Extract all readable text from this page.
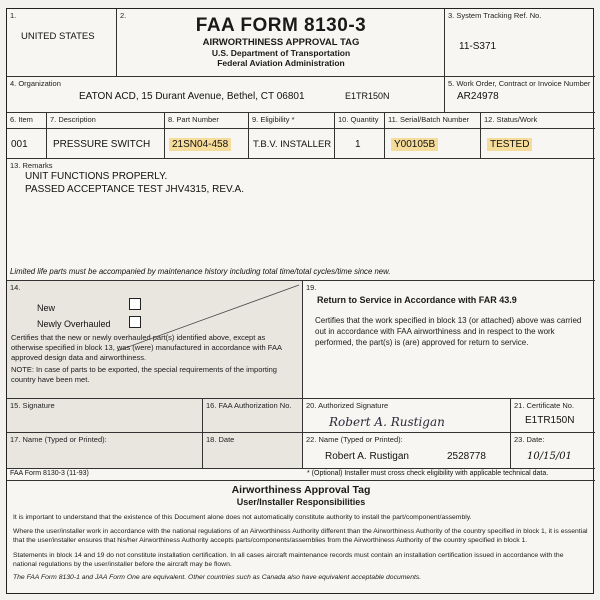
1.
UNITED STATES
2.	FAA FORM 8130-3
AIRWORTHINESS APPROVAL TAG
U.S. Department of Transportation
Federal Aviation Administration
3. System Tracking Ref. No.
11-S371
4. Organization
EATON ACD, 15 Durant Avenue, Bethel, CT 06801	E1TR150N
5. Work Order, Contract or Invoice Number
AR24978
6. Item 7. Description	8. Part Number	9. Eligibility *	10. Quantity 11. Serial/Batch Number 12. Status/Work
001	PRESSURE SWITCH	21SN04-458	T.B.V. INSTALLER 1	Y00105B	TESTED
13. Remarks
UNIT FUNCTIONS PROPERLY.
PASSED ACCEPTANCE TEST JHV4315, REV.A.
Limited life parts must be accompanied by maintenance history including total time/total cycles/time since new.
14.
New
Newly Overhauled
Certifies that the new or newly overhauled part(s) identified above, except as otherwise specified in block 13, was (were) manufactured in accordance with FAA approved design data and airworthiness.
NOTE: In case of parts to be exported, the special requirements of the importing country have been met.
19.
Return to Service in Accordance with FAR 43.9
Certifies that the work specified in block 13 (or attached) above was carried out in accordance with FAA airworthiness and in respect to the work performed, the part(s) is (are) approved for return to service.
15. Signature	16. FAA Authorization No. 20. Authorized Signature
Robert A. Rustigan
21. Certificate No.
E1TR150N
17. Name (Typed or Printed):	18. Date	22. Name (Typed or Printed):
Robert A. Rustigan	2528778
23. Date:
10/15/01
FAA Form 8130-3 (11-93)	* (Optional) Installer must cross check eligibility with applicable technical data.
Airworthiness Approval Tag
User/Installer Responsibilities
It is important to understand that the existence of this Document alone does not automatically constitute authority to install the part/component/assembly.
Where the user/installer work in accordance with the national regulations of an Airworthiness Authority different than the Airworthiness Authority of the country specified in block 1, it is essential that the user/installer ensures that his/her Airworthiness Authority accepts parts/components/assemblies from the Airworthiness Authority of the country specified in block 1.
Statements in block 14 and 19 do not constitute installation certification. In all cases aircraft maintenance records must contain an installation certification issued in accordance with the national regulations by the user/installer before the aircraft may be flown.
The FAA Form 8130-1 and JAA Form One are equivalent. Other countries such as Canada also have equivalent acceptable documents.
